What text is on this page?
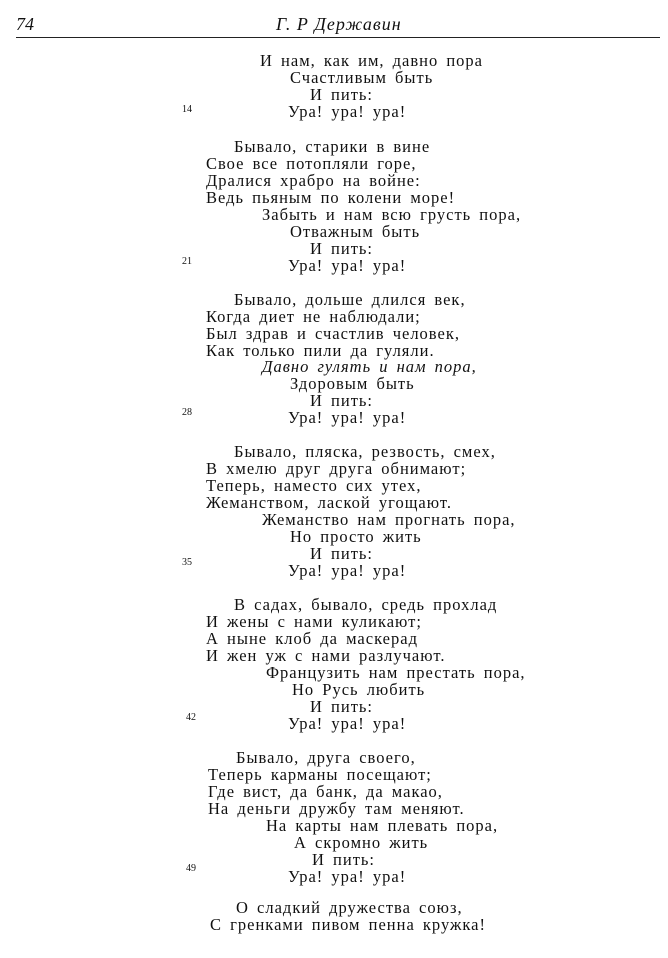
74	Г. Р Державин
И нам, как им, давно пора
Счастливым быть
И пить:
Ура! ура! ура!
14
Бывало, старики в вине
Свое все потопляли горе,
Дралися храбро на войне:
Ведь пьяным по колени море!
Забыть и нам всю грусть пора,
Отважным быть
И пить:
Ура! ура! ура!
21
Бывало, дольше длился век,
Когда диет не наблюдали;
Был здрав и счастлив человек,
Как только пили да гуляли.
Давно гулять и нам пора,
Здоровым быть
И пить:
Ура! ура! ура!
28
Бывало, пляска, резвость, смех,
В хмелю друг друга обнимают;
Теперь, наместо сих утех,
Жеманством, лаской угощают.
Жеманство нам прогнать пора,
Но просто жить
И пить:
Ура! ура! ура!
35
В садах, бывало, средь прохлад
И жены с нами куликают;
А ныне клоб да маскерад
И жен уж с нами разлучают.
Французить нам престать пора,
Но Русь любить
И пить:
Ура! ура! ура!
42
Бывало, друга своего,
Теперь карманы посещают;
Где вист, да банк, да макао,
На деньги дружбу там меняют.
На карты нам плевать пора,
А скромно жить
И пить:
Ура! ура! ура!
49
О сладкий дружества союз,
С гренками пивом пенна кружка!
